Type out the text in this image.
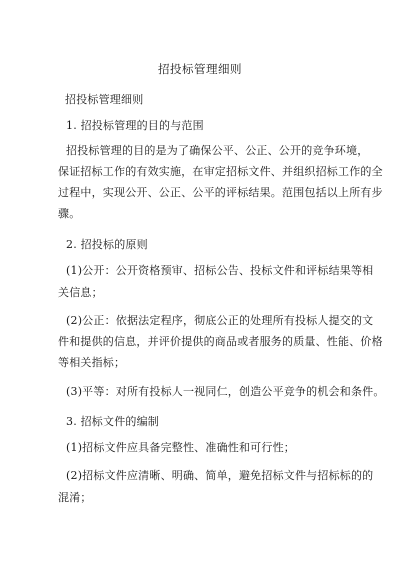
招投标管理细则
招投标管理细则
1. 招投标管理的目的与范围
招投标管理的目的是为了确保公平、公正、公开的竞争环境，
保证招标工作的有效实施，在审定招标文件、并组织招标工作的全
过程中，实现公开、公正、公平的评标结果。范围包括以上所有步
骤。
2. 招投标的原则
(1)公开：公开资格预审、招标公告、投标文件和评标结果等相
关信息；
(2)公正：依据法定程序，彻底公正的处理所有投标人提交的文
件和提供的信息，并评价提供的商品或者服务的质量、性能、价格
等相关指标；
(3)平等：对所有投标人一视同仁，创造公平竞争的机会和条件。
3. 招标文件的编制
(1)招标文件应具备完整性、准确性和可行性；
(2)招标文件应清晰、明确、简单，避免招标文件与招标标的的
混淆；
